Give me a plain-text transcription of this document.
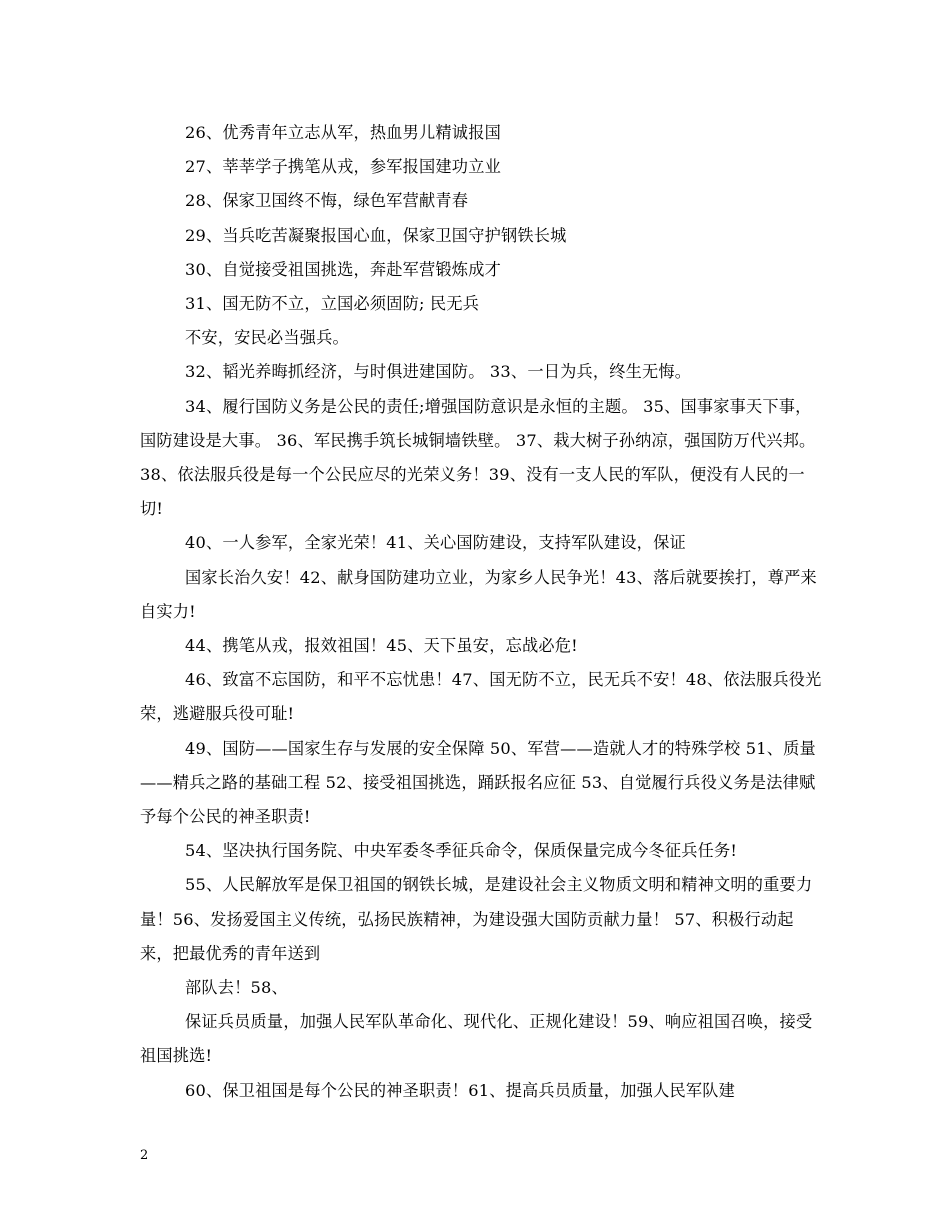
26、优秀青年立志从军，热血男儿精诚报国

27、莘莘学子携笔从戎，参军报国建功立业

28、保家卫国终不悔，绿色军营献青春

29、当兵吃苦凝聚报国心血，保家卫国守护钢铁长城

30、自觉接受祖国挑选，奔赴军营锻炼成才

31、国无防不立，立国必须固防; 民无兵

不安，安民必当强兵。

32、韬光养晦抓经济，与时俱进建国防。 33、一日为兵，终生无悔。

34、履行国防义务是公民的责任;增强国防意识是永恒的主题。 35、国事家事天下事，国防建设是大事。 36、军民携手筑长城铜墙铁壁。 37、栽大树子孙纳凉，强国防万代兴邦。 38、依法服兵役是每一个公民应尽的光荣义务！39、没有一支人民的军队，便没有人民的一切!

40、一人参军，全家光荣！41、关心国防建设，支持军队建设，保证

国家长治久安！42、献身国防建功立业，为家乡人民争光！43、落后就要挨打，尊严来自实力!

44、携笔从戎，报效祖国！45、天下虽安，忘战必危!

46、致富不忘国防，和平不忘忧患！47、国无防不立，民无兵不安！48、依法服兵役光荣，逃避服兵役可耻!

49、国防——国家生存与发展的安全保障 50、军营——造就人才的特殊学校 51、质量——精兵之路的基础工程 52、接受祖国挑选，踊跃报名应征 53、自觉履行兵役义务是法律赋予每个公民的神圣职责!

54、坚决执行国务院、中央军委冬季征兵命令，保质保量完成今冬征兵任务!

55、人民解放军是保卫祖国的钢铁长城，是建设社会主义物质文明和精神文明的重要力量！56、发扬爱国主义传统，弘扬民族精神，为建设强大国防贡献力量！ 57、积极行动起来，把最优秀的青年送到

部队去！58、

保证兵员质量，加强人民军队革命化、现代化、正规化建设！59、响应祖国召唤，接受祖国挑选!

60、保卫祖国是每个公民的神圣职责！61、提高兵员质量，加强人民军队建

2
